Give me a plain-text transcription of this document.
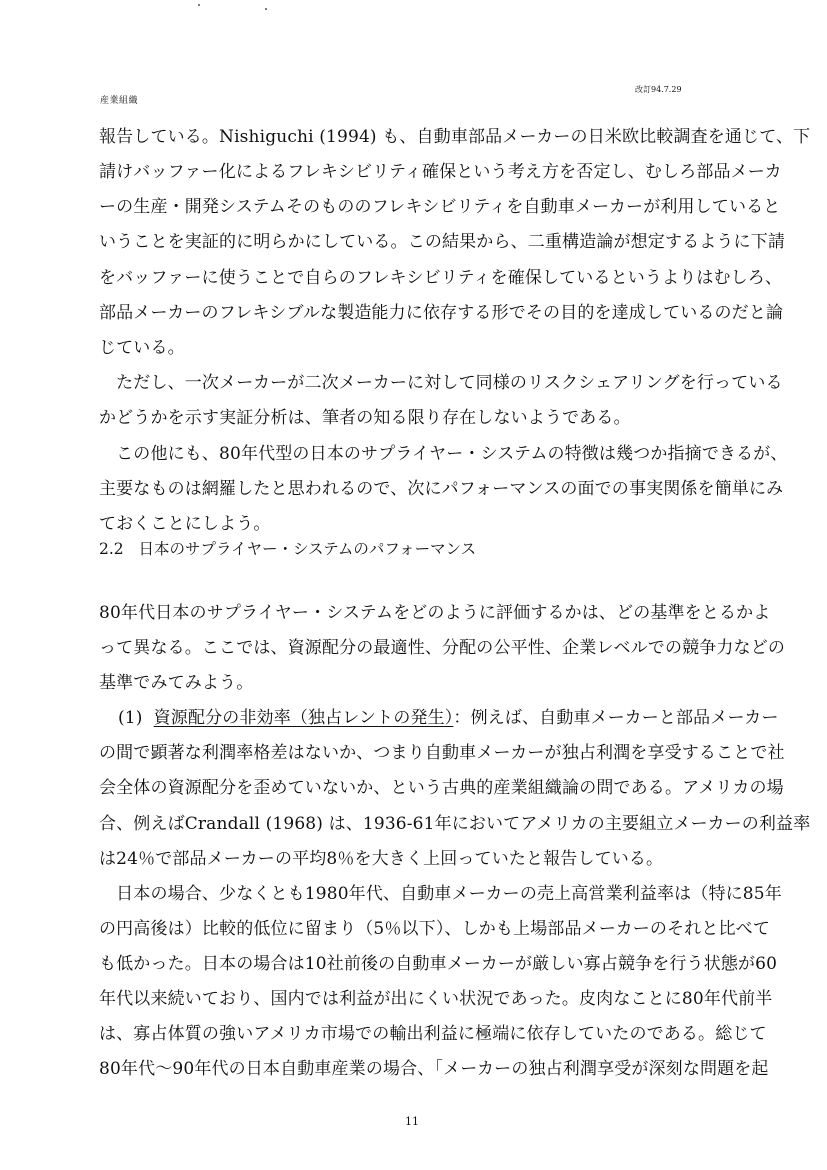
産業組織
改訂94.7.29
報告している。Nishiguchi (1994) も、自動車部品メーカーの日米欧比較調査を通じて、下
請けバッファー化によるフレキシビリティ確保という考え方を否定し、むしろ部品メーカ
ーの生産・開発システムそのもののフレキシビリティを自動車メーカーが利用していると
いうことを実証的に明らかにしている。この結果から、二重構造論が想定するように下請
をバッファーに使うことで自らのフレキシビリティを確保しているというよりはむしろ、
部品メーカーのフレキシブルな製造能力に依存する形でその目的を達成しているのだと論
じている。
　ただし、一次メーカーが二次メーカーに対して同様のリスクシェアリングを行っている
かどうかを示す実証分析は、筆者の知る限り存在しないようである。
　この他にも、80年代型の日本のサプライヤー・システムの特徴は幾つか指摘できるが、
主要なものは網羅したと思われるので、次にパフォーマンスの面での事実関係を簡単にみ
ておくことにしよう。
2.2 日本のサプライヤー・システムのパフォーマンス
80年代日本のサプライヤー・システムをどのように評価するかは、どの基準をとるかよ
って異なる。ここでは、資源配分の最適性、分配の公平性、企業レベルでの競争力などの
基準でみてみよう。
(1) 資源配分の非効率（独占レントの発生）：例えば、自動車メーカーと部品メーカー
の間で顕著な利潤率格差はないか、つまり自動車メーカーが独占利潤を享受することで社
会全体の資源配分を歪めていないか、という古典的産業組織論の問である。アメリカの場
合、例えばCrandall (1968) は、1936-61年においてアメリカの主要組立メーカーの利益率
は24％で部品メーカーの平均8％を大きく上回っていたと報告している。
　日本の場合、少なくとも1980年代、自動車メーカーの売上高営業利益率は（特に85年
の円高後は）比較的低位に留まり（5％以下）、しかも上場部品メーカーのそれと比べて
も低かった。日本の場合は10社前後の自動車メーカーが厳しい寡占競争を行う状態が60
年代以来続いており、国内では利益が出にくい状況であった。皮肉なことに80年代前半
は、寡占体質の強いアメリカ市場での輸出利益に極端に依存していたのである。総じて
80年代～90年代の日本自動車産業の場合、「メーカーの独占利潤享受が深刻な問題を起
11
